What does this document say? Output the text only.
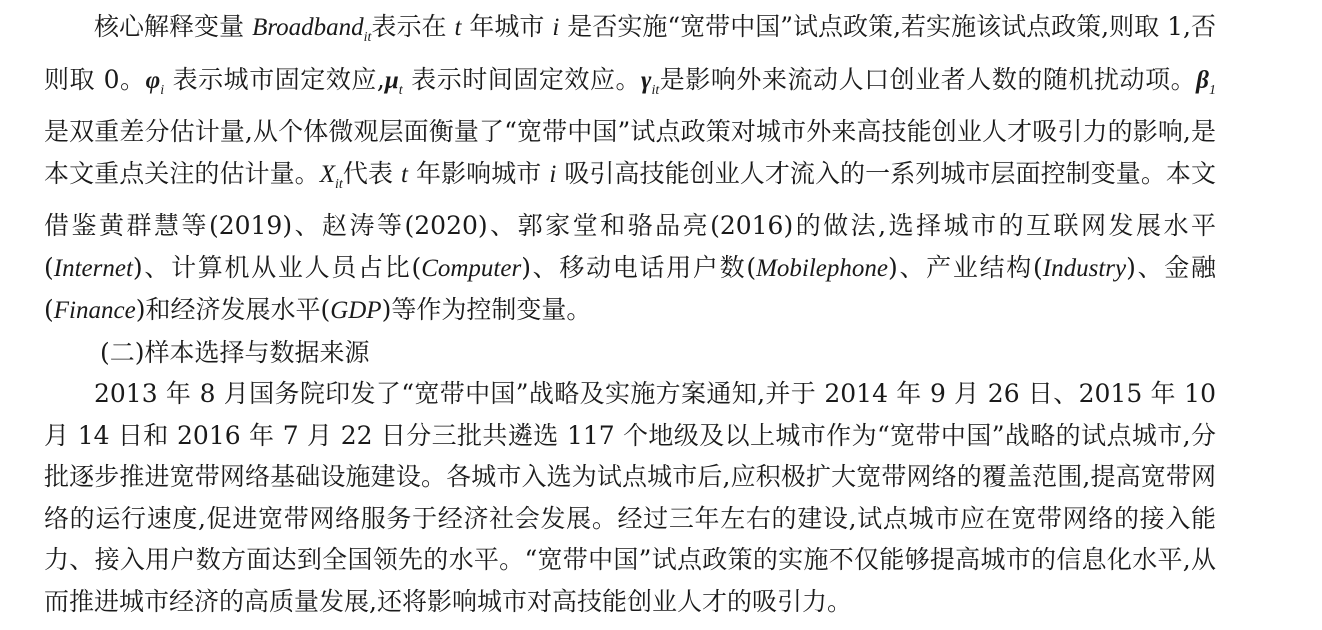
核心解释变量 Broadband$_{it}$表示在 t 年城市 i 是否实施“宽带中国”试点政策,若实施该试点政策,则取 1,否则取 0。$\varphi_i$ 表示城市固定效应$,\mu_t$ 表示时间固定效应。$\gamma_{it}$是影响外来流动人口创业者人数的随机扰动项。$\beta_1$ 是双重差分估计量,从个体微观层面衡量了“宽带中国”试点政策对城市外来高技能创业人才吸引力的影响,是本文重点关注的估计量。$X_{it}$代表 t 年影响城市 i 吸引高技能创业人才流入的一系列城市层面控制变量。本文借鉴黄群慧等(2019)、赵涛等(2020)、郭家堂和骆品亮(2016)的做法,选择城市的互联网发展水平(Internet)、计算机从业人员占比(Computer)、移动电话用户数(Mobilephone)、产业结构(Industry)、金融(Finance)和经济发展水平(GDP)等作为控制变量。

(二)样本选择与数据来源

2013 年 8 月国务院印发了“宽带中国”战略及实施方案通知,并于 2014 年 9 月 26 日、2015 年 10 月 14 日和 2016 年 7 月 22 日分三批共遴选 117 个地级及以上城市作为“宽带中国”战略的试点城市,分批逐步推进宽带网络基础设施建设。各城市入选为试点城市后,应积极扩大宽带网络的覆盖范围,提高宽带网络的运行速度,促进宽带网络服务于经济社会发展。经过三年左右的建设,试点城市应在宽带网络的接入能力、接入用户数方面达到全国领先的水平。“宽带中国”试点政策的实施不仅能够提高城市的信息化水平,从而推进城市经济的高质量发展,还将影响城市对高技能创业人才的吸引力。
